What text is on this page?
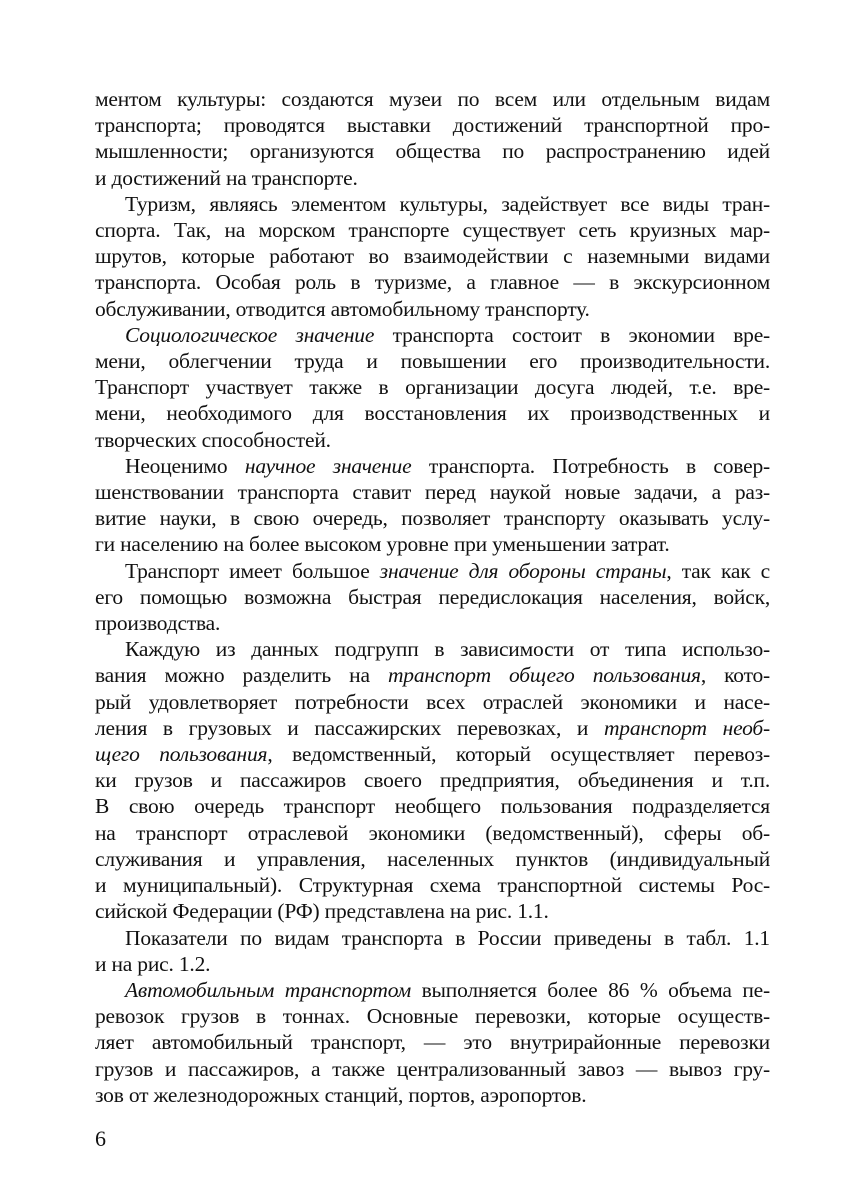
ментом культуры: создаются музеи по всем или отдельным видам
транспорта; проводятся выставки достижений транспортной про-
мышленности; организуются общества по распространению идей
и достижений на транспорте.
Туризм, являясь элементом культуры, задействует все виды тран-
спорта. Так, на морском транспорте существует сеть круизных мар-
шрутов, которые работают во взаимодействии с наземными видами
транспорта. Особая роль в туризме, а главное — в экскурсионном
обслуживании, отводится автомобильному транспорту.
Социологическое значение транспорта состоит в экономии вре-
мени, облегчении труда и повышении его производительности.
Транспорт участвует также в организации досуга людей, т.е. вре-
мени, необходимого для восстановления их производственных и
творческих способностей.
Неоценимо научное значение транспорта. Потребность в совер-
шенствовании транспорта ставит перед наукой новые задачи, а раз-
витие науки, в свою очередь, позволяет транспорту оказывать услу-
ги населению на более высоком уровне при уменьшении затрат.
Транспорт имеет большое значение для обороны страны, так как с
его помощью возможна быстрая передислокация населения, войск,
производства.
Каждую из данных подгрупп в зависимости от типа использо-
вания можно разделить на транспорт общего пользования, кото-
рый удовлетворяет потребности всех отраслей экономики и насе-
ления в грузовых и пассажирских перевозках, и транспорт необ-
щего пользования, ведомственный, который осуществляет перевоз-
ки грузов и пассажиров своего предприятия, объединения и т.п.
В свою очередь транспорт необщего пользования подразделяется
на транспорт отраслевой экономики (ведомственный), сферы об-
служивания и управления, населенных пунктов (индивидуальный
и муниципальный). Структурная схема транспортной системы Рос-
сийской Федерации (РФ) представлена на рис. 1.1.
Показатели по видам транспорта в России приведены в табл. 1.1
и на рис. 1.2.
Автомобильным транспортом выполняется более 86 % объема пе-
ревозок грузов в тоннах. Основные перевозки, которые осуществ-
ляет автомобильный транспорт, — это внутрирайонные перевозки
грузов и пассажиров, а также централизованный завоз — вывоз гру-
зов от железнодорожных станций, портов, аэропортов.
6
